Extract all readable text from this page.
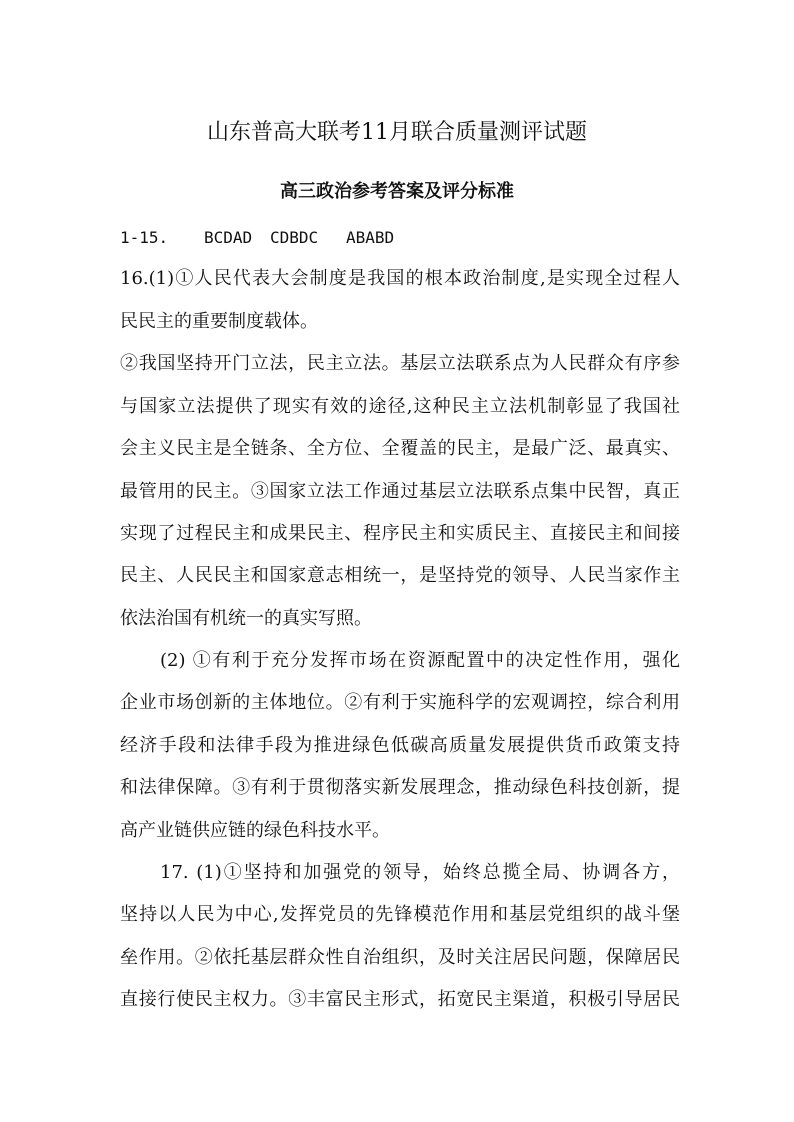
山东普高大联考11月联合质量测评试题
高三政治参考答案及评分标准
1-15. BCDAD CDBDC ABABD
16.(1)①人民代表大会制度是我国的根本政治制度,是实现全过程人
民民主的重要制度载体。
②我国坚持开门立法，民主立法。基层立法联系点为人民群众有序参
与国家立法提供了现实有效的途径,这种民主立法机制彰显了我国社
会主义民主是全链条、全方位、全覆盖的民主，是最广泛、最真实、
最管用的民主。③国家立法工作通过基层立法联系点集中民智，真正
实现了过程民主和成果民主、程序民主和实质民主、直接民主和间接
民主、人民民主和国家意志相统一，是坚持党的领导、人民当家作主
依法治国有机统一的真实写照。
(2) ①有利于充分发挥市场在资源配置中的决定性作用，强化
企业市场创新的主体地位。②有利于实施科学的宏观调控，综合利用
经济手段和法律手段为推进绿色低碳高质量发展提供货币政策支持
和法律保障。③有利于贯彻落实新发展理念，推动绿色科技创新，提
高产业链供应链的绿色科技水平。
17. (1)①坚持和加强党的领导，始终总揽全局、协调各方，
坚持以人民为中心,发挥党员的先锋模范作用和基层党组织的战斗堡
垒作用。②依托基层群众性自治组织，及时关注居民问题，保障居民
直接行使民主权力。③丰富民主形式，拓宽民主渠道，积极引导居民
